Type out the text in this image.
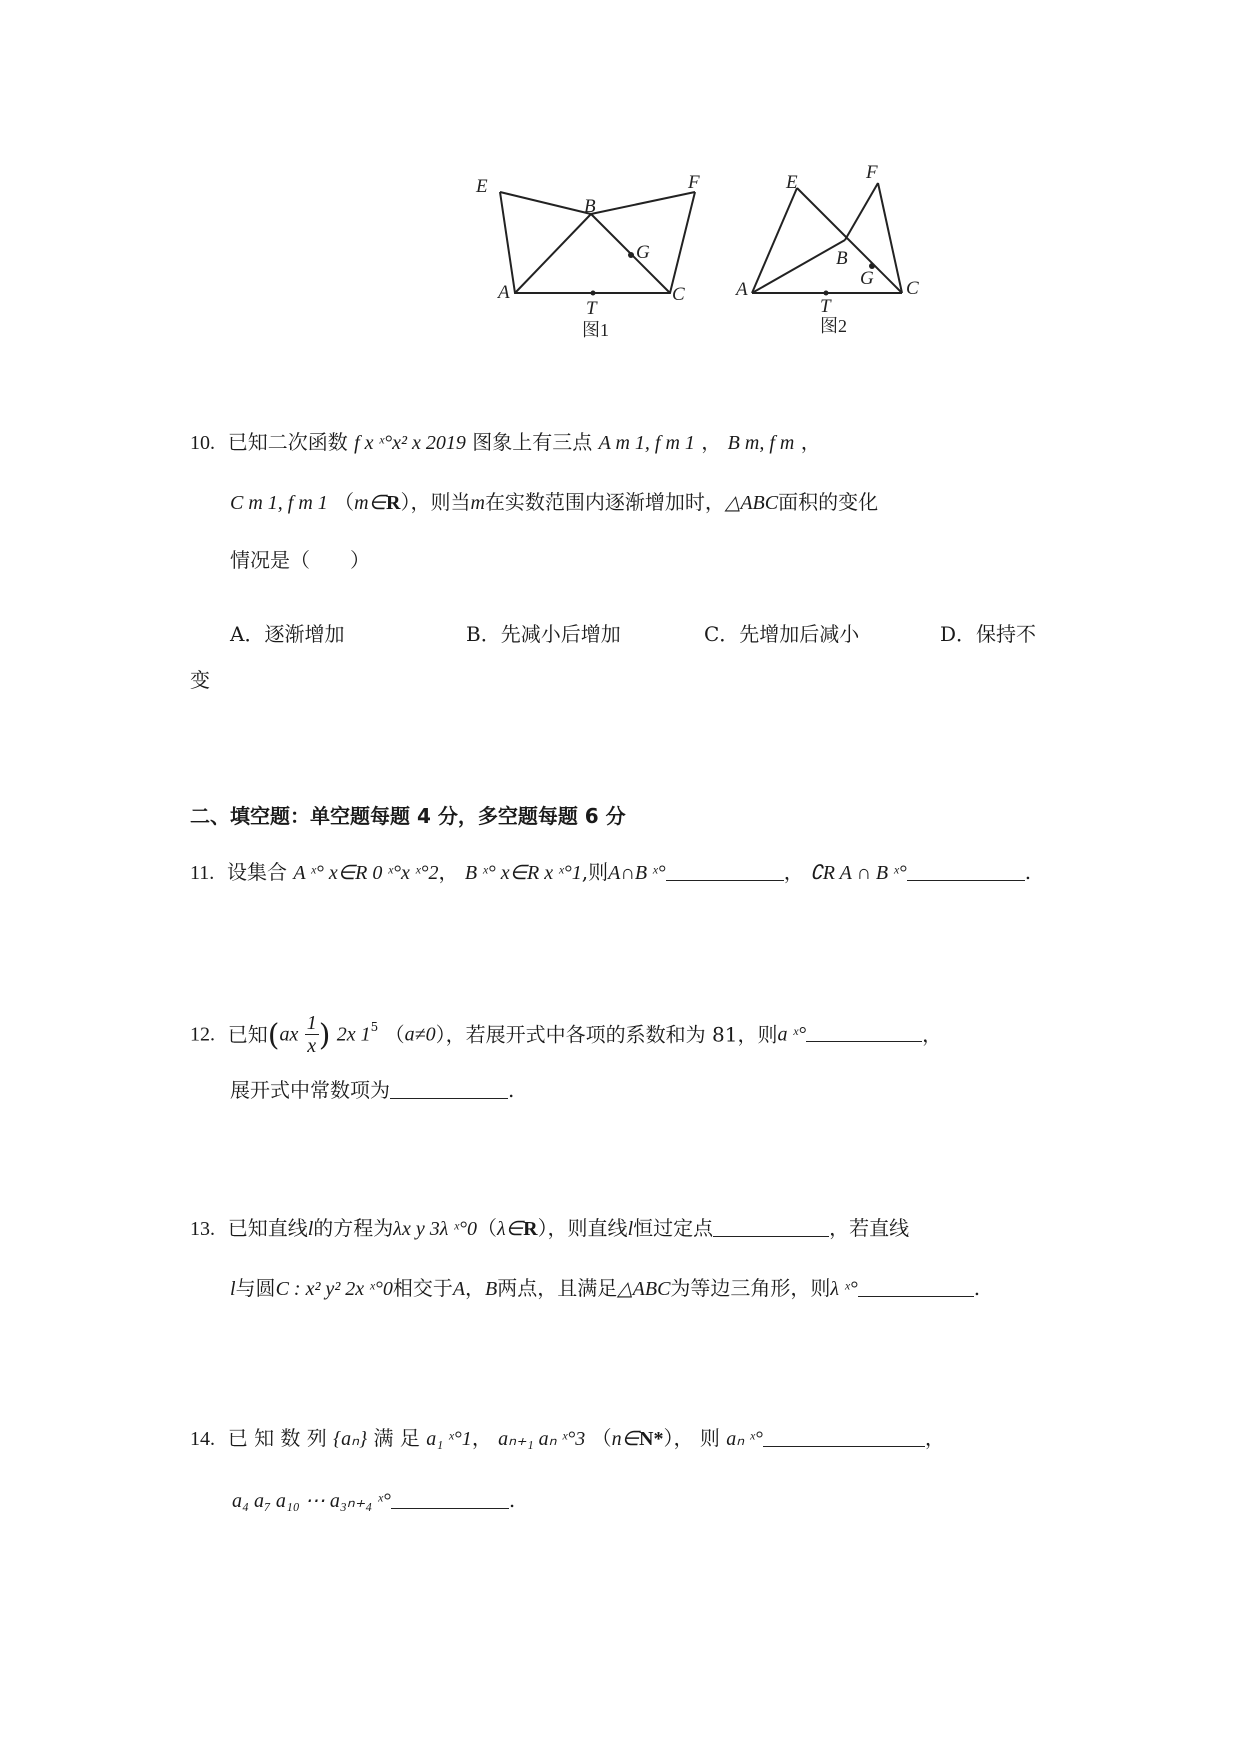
E	F
B
G
A
T
C
图1
E	F
B
G
A
T
C
图2
10. 已知二次函数 f x ˣ°x² x 2019 图象上有三点 A m 1, f m 1 ， B m, f m ，
C m 1, f m 1 （m∈R），则当m在实数范围内逐渐增加时，△ABC面积的变化
情况是（　　）
A．逐渐增加	B．先减小后增加	C．先增加后减小	D．保持不
变
二、填空题：单空题每题 4 分，多空题每题 6 分
11. 设集合 A ˣ° x∈R 0 ˣ°x ˣ°2， B ˣ° x∈R x ˣ°1,则A∩B ˣ°	， ∁R A ∩ B ˣ°	.
12. 已知($ax \frac{1}{x}$ ) 2x $1^5$ （a≠0），若展开式中各项的系数和为 81，则a ˣ°	，
展开式中常数项为	.
13. 已知直线l的方程为λx y 3λ ˣ°0（λ∈R），则直线l恒过定点	，若直线
l与圆C : x² y² 2x ˣ°0相交于A，B两点，且满足△ABC为等边三角形，则λ ˣ°	.
14. 已 知 数 列 {aₙ} 满 足 a₁ ˣ°1， aₙ₊₁ aₙ ˣ°3 （n∈N*）， 则 aₙ ˣ°	，
a₄ a₇ a₁₀ ⋯ a₃ₙ₊₄ ˣ°	.
